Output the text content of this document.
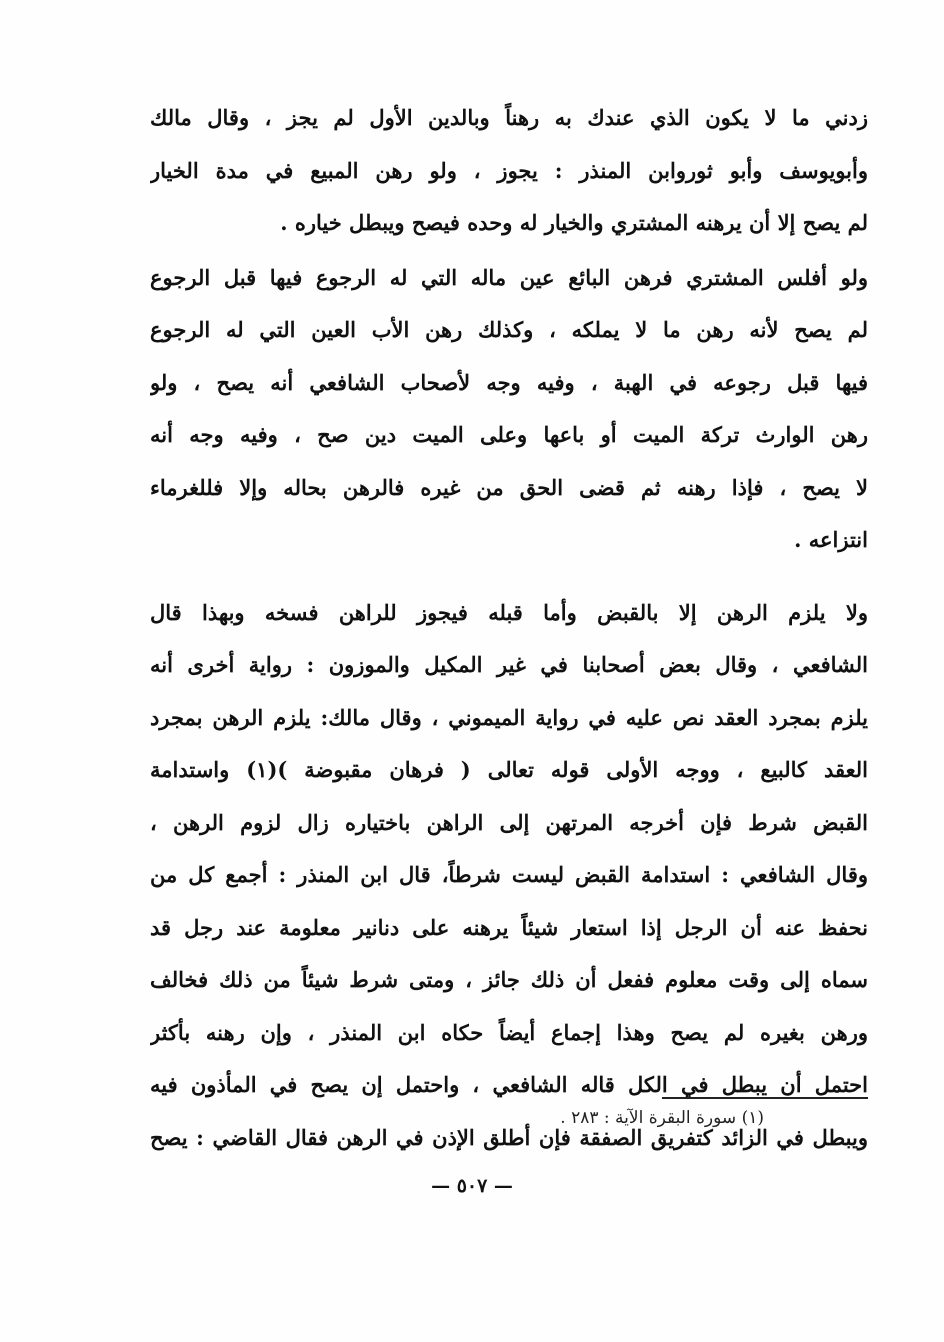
زدني ما لا يكون الذي عندك به رهناً وبالدين الأول لم يجز ، وقال مالك
وأبويوسف وأبو ثوروابن المنذر : يجوز ، ولو رهن المبيع في مدة الخيار
لم يصح إلا أن يرهنه المشتري والخيار له وحده فيصح ويبطل خياره .
ولو أفلس المشتري فرهن البائع عين ماله التي له الرجوع فيها قبل الرجوع
لم يصح لأنه رهن ما لا يملكه ، وكذلك رهن الأب العين التي له الرجوع
فيها قبل رجوعه في الهبة ، وفيه وجه لأصحاب الشافعي أنه يصح ، ولو
رهن الوارث تركة الميت أو باعها وعلى الميت دين صح ، وفيه وجه أنه
لا يصح ، فإذا رهنه ثم قضى الحق من غيره فالرهن بحاله وإلا فللغرماء
انتزاعه .
ولا يلزم الرهن إلا بالقبض وأما قبله فيجوز للراهن فسخه وبهذا قال
الشافعي ، وقال بعض أصحابنا في غير المكيل والموزون : رواية أخرى أنه
يلزم بمجرد العقد نص عليه في رواية الميموني ، وقال مالك: يلزم الرهن بمجرد
العقد كالبيع ، ووجه الأولى قوله تعالى ( فرهان مقبوضة )(١) واستدامة
القبض شرط فإن أخرجه المرتهن إلى الراهن باختياره زال لزوم الرهن ،
وقال الشافعي : استدامة القبض ليست شرطاً، قال ابن المنذر : أجمع كل من
نحفظ عنه أن الرجل إذا استعار شيئاً يرهنه على دنانير معلومة عند رجل قد
سماه إلى وقت معلوم ففعل أن ذلك جائز ، ومتى شرط شيئاً من ذلك فخالف
ورهن بغيره لم يصح وهذا إجماع أيضاً حكاه ابن المنذر ، وإن رهنه بأكثر
احتمل أن يبطل في الكل قاله الشافعي ، واحتمل إن يصح في المأذون فيه
ويبطل في الزائد كتفريق الصفقة فإن أطلق الإذن في الرهن فقال القاضي : يصح
(١) سورة البقرة الآية : ٢٨٣ .
— ٥٠٧ —
